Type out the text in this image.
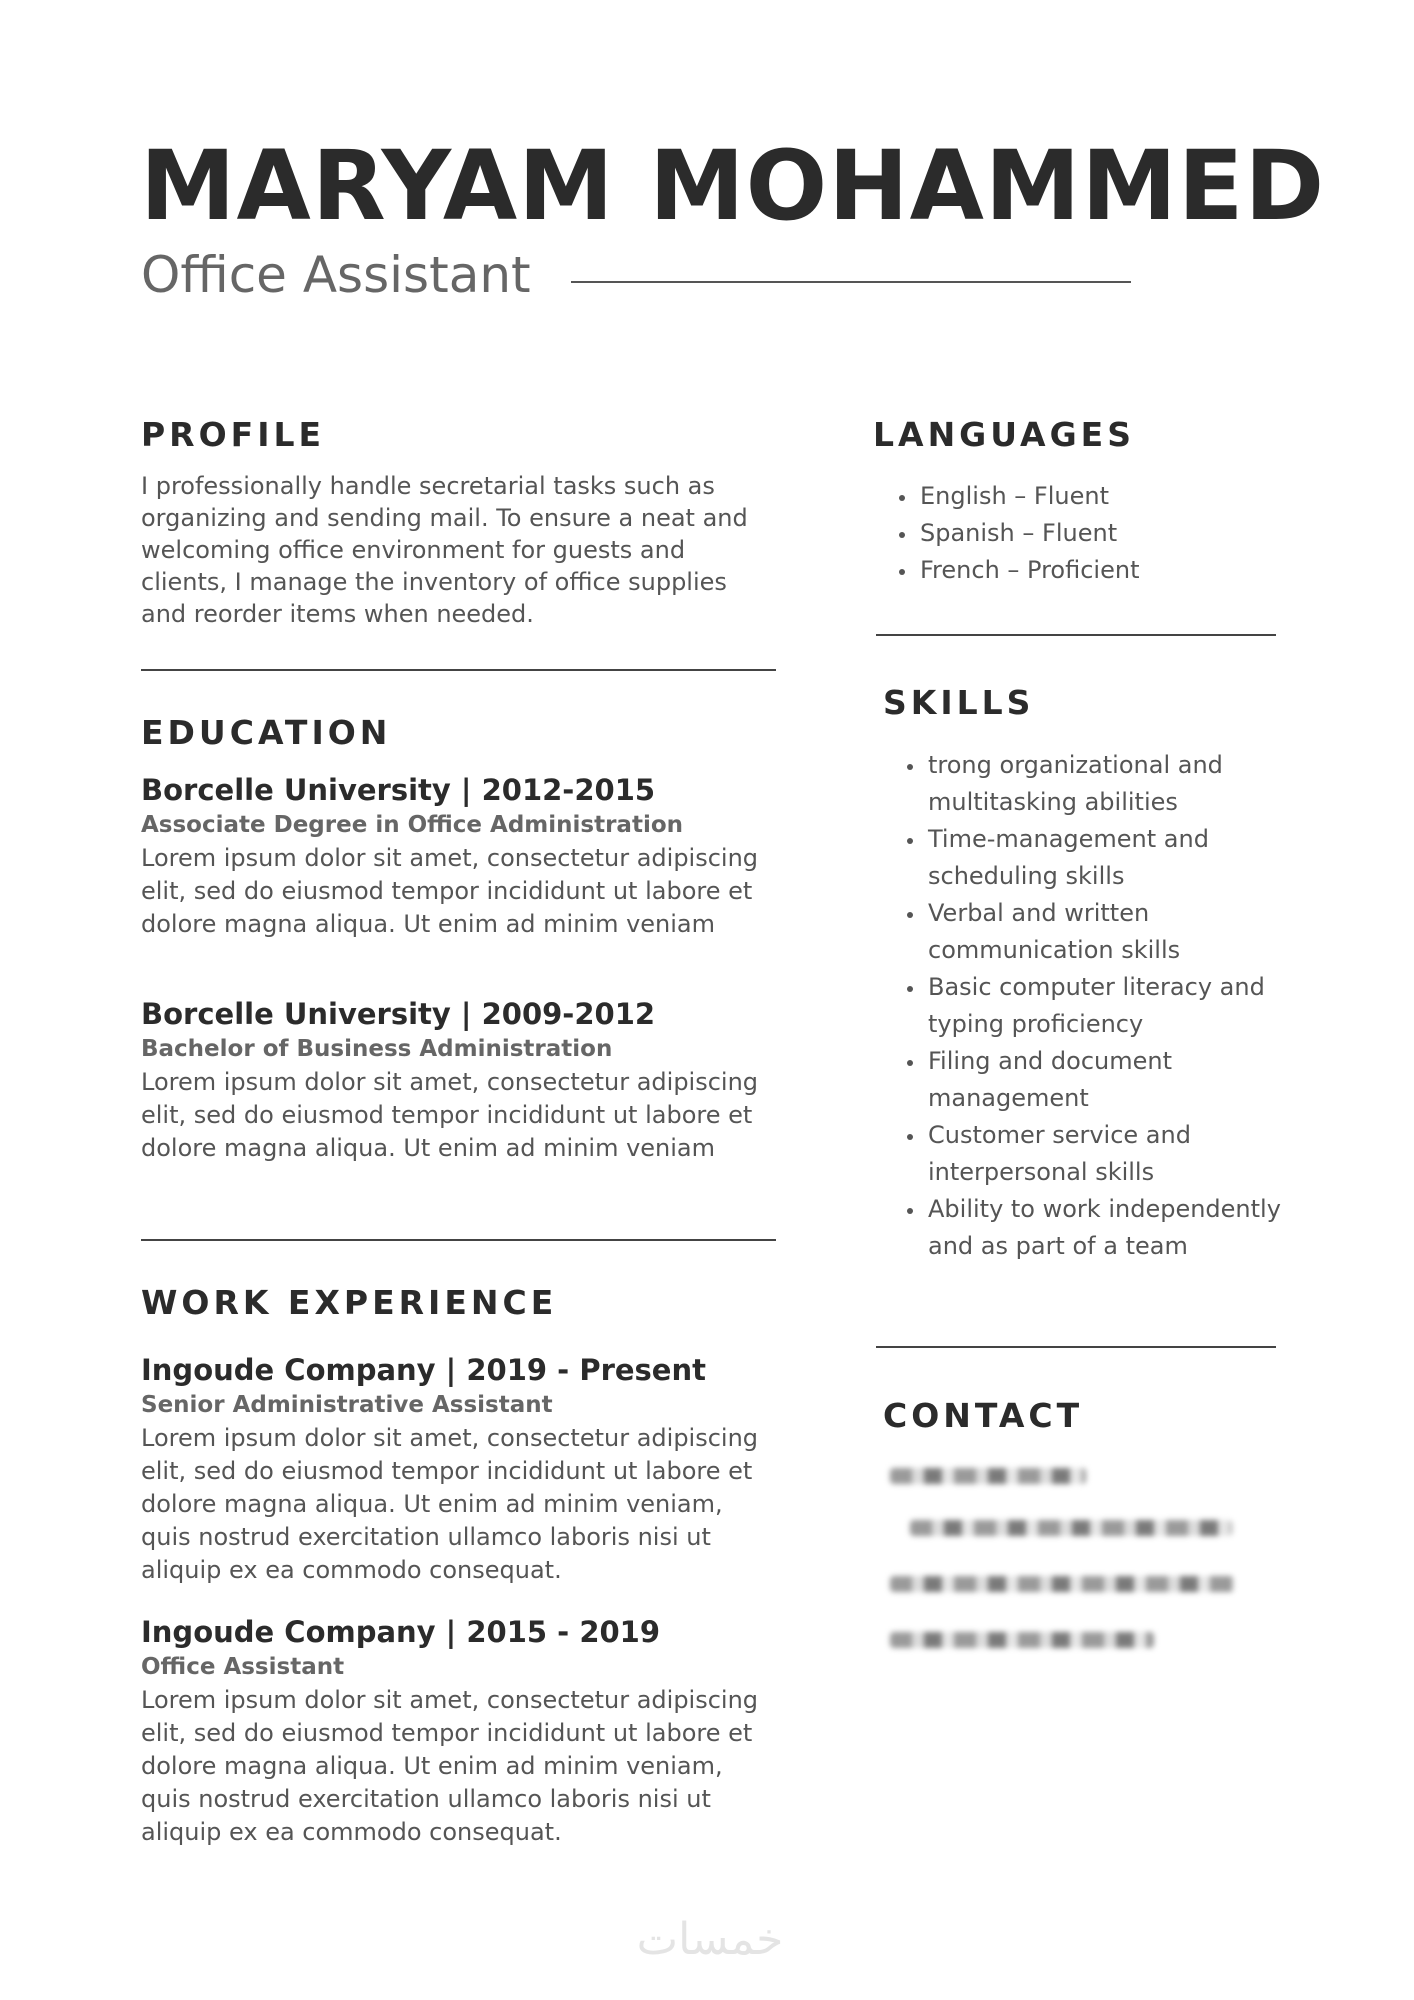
MARYAM MOHAMMED
Office Assistant
PROFILE

I professionally handle secretarial tasks such as organizing and sending mail. To ensure a neat and welcoming office environment for guests and clients, I manage the inventory of office supplies and reorder items when needed.

EDUCATION
Borcelle University | 2012-2015
Associate Degree in Office Administration
Lorem ipsum dolor sit amet, consectetur adipiscing elit, sed do eiusmod tempor incididunt ut labore et dolore magna aliqua. Ut enim ad minim veniam
Borcelle University | 2009-2012
Bachelor of Business Administration
Lorem ipsum dolor sit amet, consectetur adipiscing elit, sed do eiusmod tempor incididunt ut labore et dolore magna aliqua. Ut enim ad minim veniam
WORK EXPERIENCE
Ingoude Company | 2019 - Present
Senior Administrative Assistant
Lorem ipsum dolor sit amet, consectetur adipiscing elit, sed do eiusmod tempor incididunt ut labore et dolore magna aliqua. Ut enim ad minim veniam, quis nostrud exercitation ullamco laboris nisi ut aliquip ex ea commodo consequat.
Ingoude Company | 2015 - 2019
Office Assistant
Lorem ipsum dolor sit amet, consectetur adipiscing elit, sed do eiusmod tempor incididunt ut labore et dolore magna aliqua. Ut enim ad minim veniam, quis nostrud exercitation ullamco laboris nisi ut aliquip ex ea commodo consequat.
LANGUAGES
• English – Fluent
• Spanish – Fluent
• French – Proficient
SKILLS
• trong organizational and multitasking abilities
• Time-management and scheduling skills
• Verbal and written communication skills
• Basic computer literacy and typing proficiency
• Filing and document management
• Customer service and interpersonal skills
• Ability to work independently and as part of a team
CONTACT
خمسات
